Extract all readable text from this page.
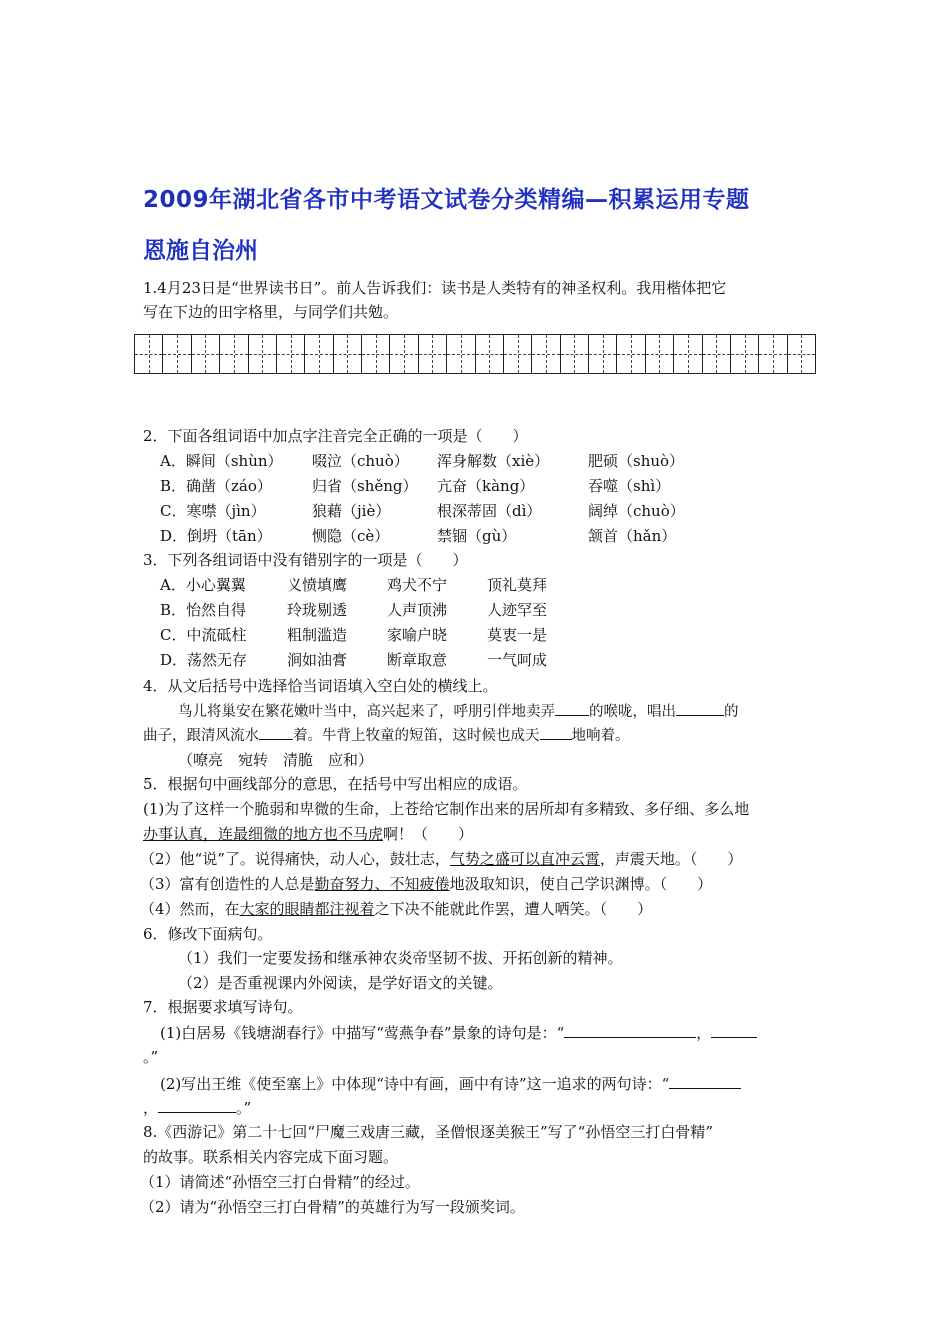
2009年湖北省各市中考语文试卷分类精编—积累运用专题
恩施自治州
1.4月23日是“世界读书日”。前人告诉我们：读书是人类特有的神圣权利。我用楷体把它
写在下边的田字格里，与同学们共勉。
2．下面各组词语中加点字注音完全正确的一项是（　　）
A．瞬间（shùn） 啜泣（chuò） 浑身解数（xiè）	肥硕（shuò）
B．确凿（záo）	归省（shěng） 亢奋（kàng）	吞噬（shì）
C．寒噤（jìn）	狼藉（jiè）	根深蒂固（dì）	阔绰（chuò）
D．倒坍（tān）	恻隐（cè）	禁锢（gù）	颔首（hǎn）
3．下列各组词语中没有错别字的一项是（　　）
A．小心翼翼	义愤填鹰	鸡犬不宁	顶礼莫拜
B．怡然自得	玲珑剔透	人声顶沸	人迹罕至
C．中流砥柱	粗制滥造	家喻户晓	莫衷一是
D．荡然无存	涧如油膏	断章取意	一气呵成
4．从文后括号中选择恰当词语填入空白处的横线上。
鸟儿将巢安在繁花嫩叶当中，高兴起来了，呼朋引伴地卖弄 的喉咙，唱出	的
曲子，跟清风流水 着。牛背上牧童的短笛，这时候也成天 地响着。
（嘹亮　宛转　清脆　应和）
5．根据句中画线部分的意思，在括号中写出相应的成语。
(1)为了这样一个脆弱和卑微的生命，上苍给它制作出来的居所却有多精致、多仔细、多么地
办事认真，连最细微的地方也不马虎啊！（　　）
（2）他“说”了。说得痛快，动人心，鼓壮志，气势之盛可以直冲云霄，声震天地。（　　）
（3）富有创造性的人总是勤奋努力、不知疲倦地汲取知识，使自己学识渊博。（　　）
（4）然而，在大家的眼睛都注视着之下决不能就此作罢，遭人哂笑。（　　）
6．修改下面病句。
（1）我们一定要发扬和继承神农炎帝坚韧不拔、开拓创新的精神。
（2）是否重视课内外阅读，是学好语文的关键。
7．根据要求填写诗句。
(1)白居易《钱塘湖春行》中描写“莺燕争春”景象的诗句是：“	，
。”
(2)写出王维《使至塞上》中体现“诗中有画，画中有诗”这一追求的两句诗：“
，	。”
8.《西游记》第二十七回“尸魔三戏唐三藏，圣僧恨逐美猴王”写了“孙悟空三打白骨精”
的故事。联系相关内容完成下面习题。
（1）请简述“孙悟空三打白骨精”的经过。
（2）请为“孙悟空三打白骨精”的英雄行为写一段颁奖词。
